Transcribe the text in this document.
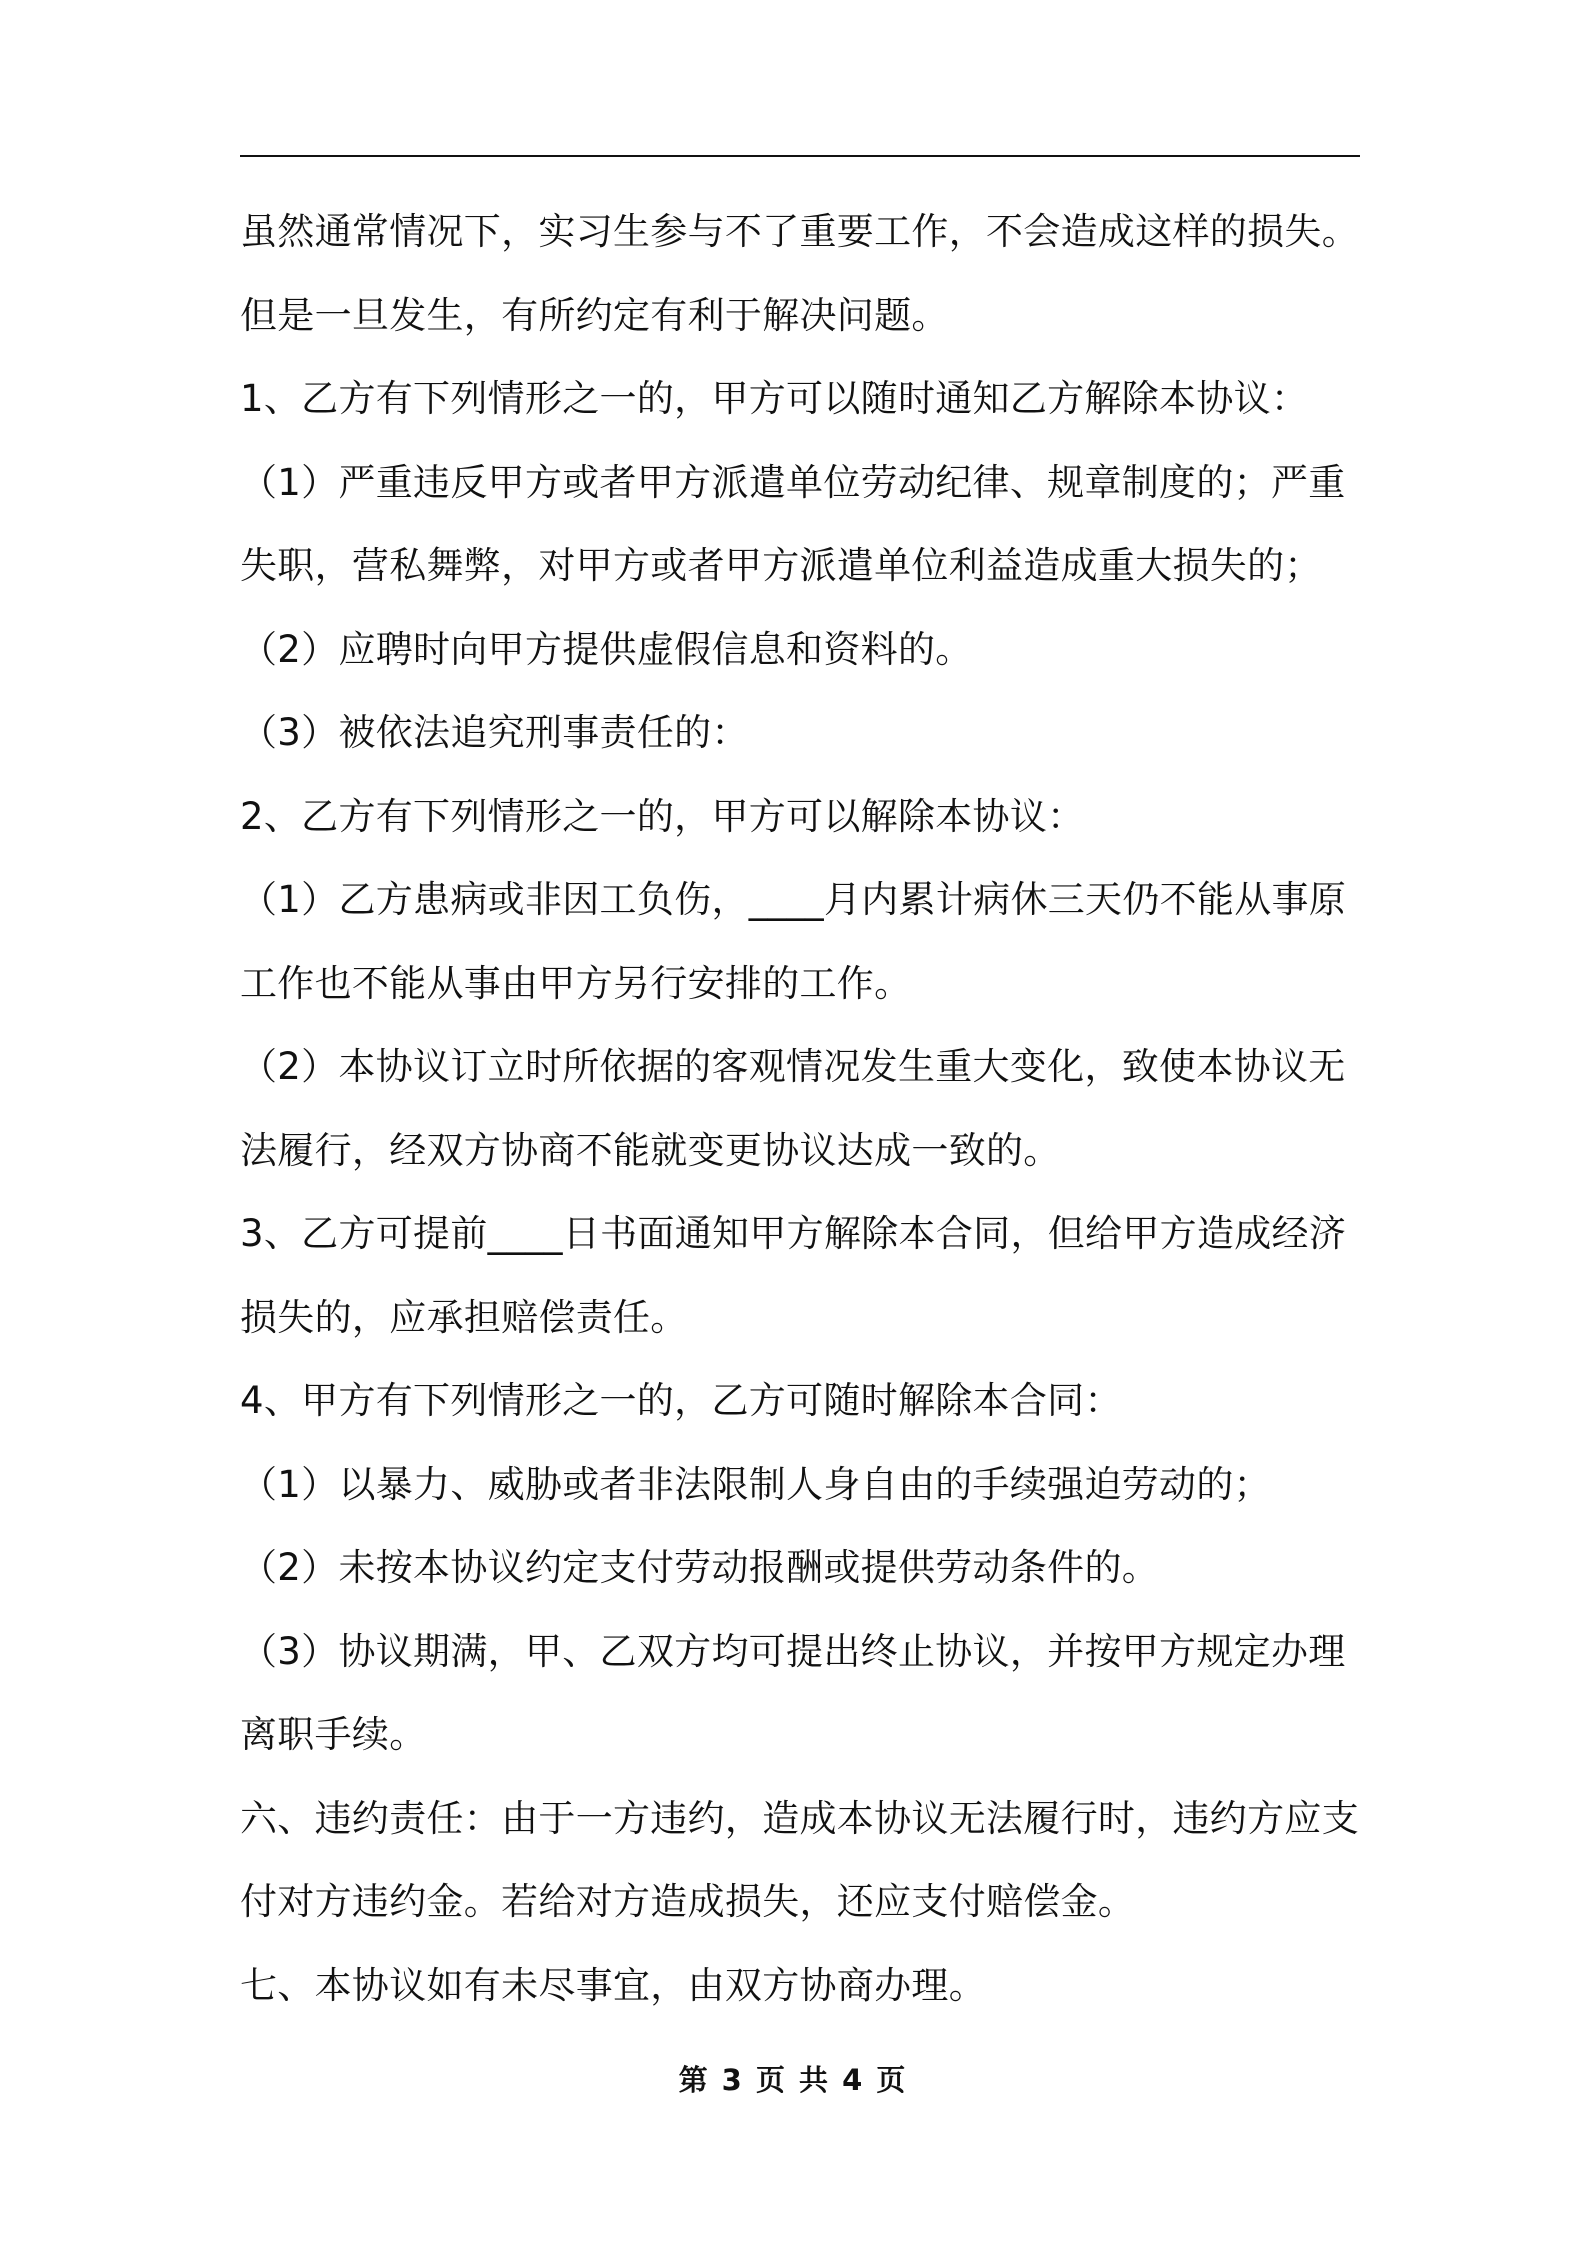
虽然通常情况下，实习生参与不了重要工作，不会造成这样的损失。
但是一旦发生，有所约定有利于解决问题。
1、乙方有下列情形之一的，甲方可以随时通知乙方解除本协议：
（1）严重违反甲方或者甲方派遣单位劳动纪律、规章制度的；严重
失职，营私舞弊，对甲方或者甲方派遣单位利益造成重大损失的；
（2）应聘时向甲方提供虚假信息和资料的。
（3）被依法追究刑事责任的：
2、乙方有下列情形之一的，甲方可以解除本协议：
（1）乙方患病或非因工负伤，____月内累计病休三天仍不能从事原
工作也不能从事由甲方另行安排的工作。
（2）本协议订立时所依据的客观情况发生重大变化，致使本协议无
法履行，经双方协商不能就变更协议达成一致的。
3、乙方可提前____日书面通知甲方解除本合同，但给甲方造成经济
损失的，应承担赔偿责任。
4、甲方有下列情形之一的，乙方可随时解除本合同：
（1）以暴力、威胁或者非法限制人身自由的手续强迫劳动的；
（2）未按本协议约定支付劳动报酬或提供劳动条件的。
（3）协议期满，甲、乙双方均可提出终止协议，并按甲方规定办理
离职手续。
六、违约责任：由于一方违约，造成本协议无法履行时，违约方应支
付对方违约金。若给对方造成损失，还应支付赔偿金。
七、本协议如有未尽事宜，由双方协商办理。
第 3 页 共 4 页
